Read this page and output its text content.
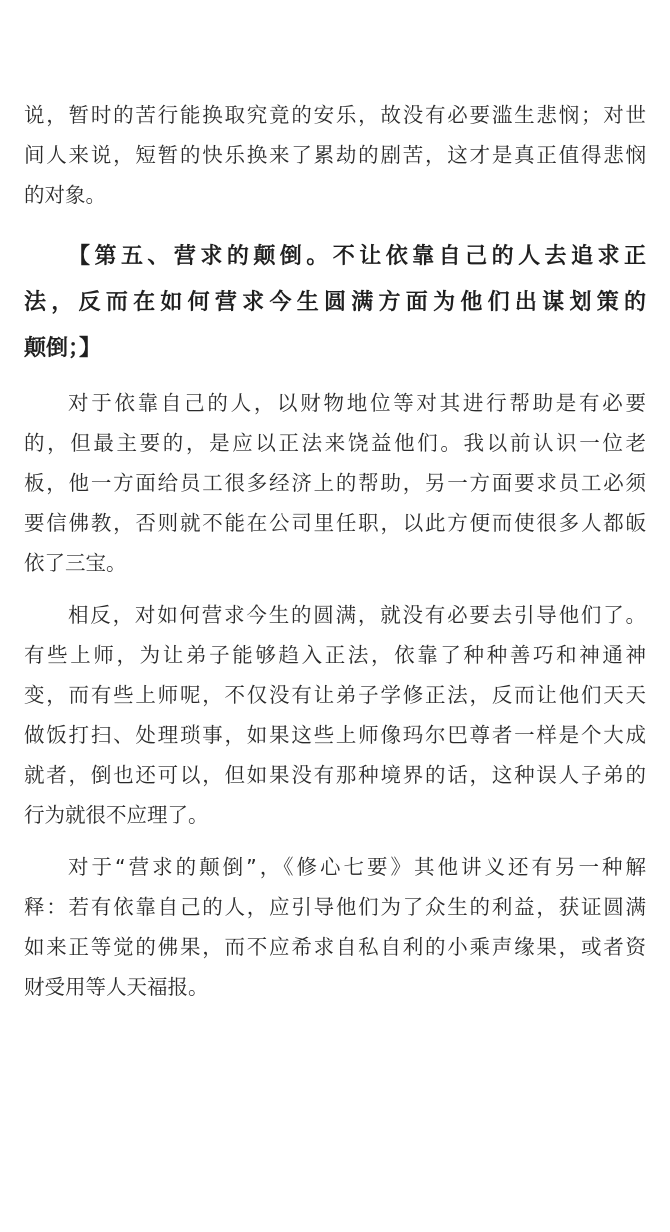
说，暂时的苦行能换取究竟的安乐，故没有必要滥生悲悯；对世
间人来说，短暂的快乐换来了累劫的剧苦，这才是真正值得悲悯
的对象。
【第五、营求的颠倒。不让依靠自己的人去追求正
法，反而在如何营求今生圆满方面为他们出谋划策的
颠倒；】
对于依靠自己的人，以财物地位等对其进行帮助是有必要
的，但最主要的，是应以正法来饶益他们。我以前认识一位老
板，他一方面给员工很多经济上的帮助，另一方面要求员工必须
要信佛教，否则就不能在公司里任职，以此方便而使很多人都皈
依了三宝。
相反，对如何营求今生的圆满，就没有必要去引导他们了。
有些上师，为让弟子能够趋入正法，依靠了种种善巧和神通神
变，而有些上师呢，不仅没有让弟子学修正法，反而让他们天天
做饭打扫、处理琐事，如果这些上师像玛尔巴尊者一样是个大成
就者，倒也还可以，但如果没有那种境界的话，这种误人子弟的
行为就很不应理了。
对于“营求的颠倒”，《修心七要》其他讲义还有另一种解
释：若有依靠自己的人，应引导他们为了众生的利益，获证圆满
如来正等觉的佛果，而不应希求自私自利的小乘声缘果，或者资
财受用等人天福报。
